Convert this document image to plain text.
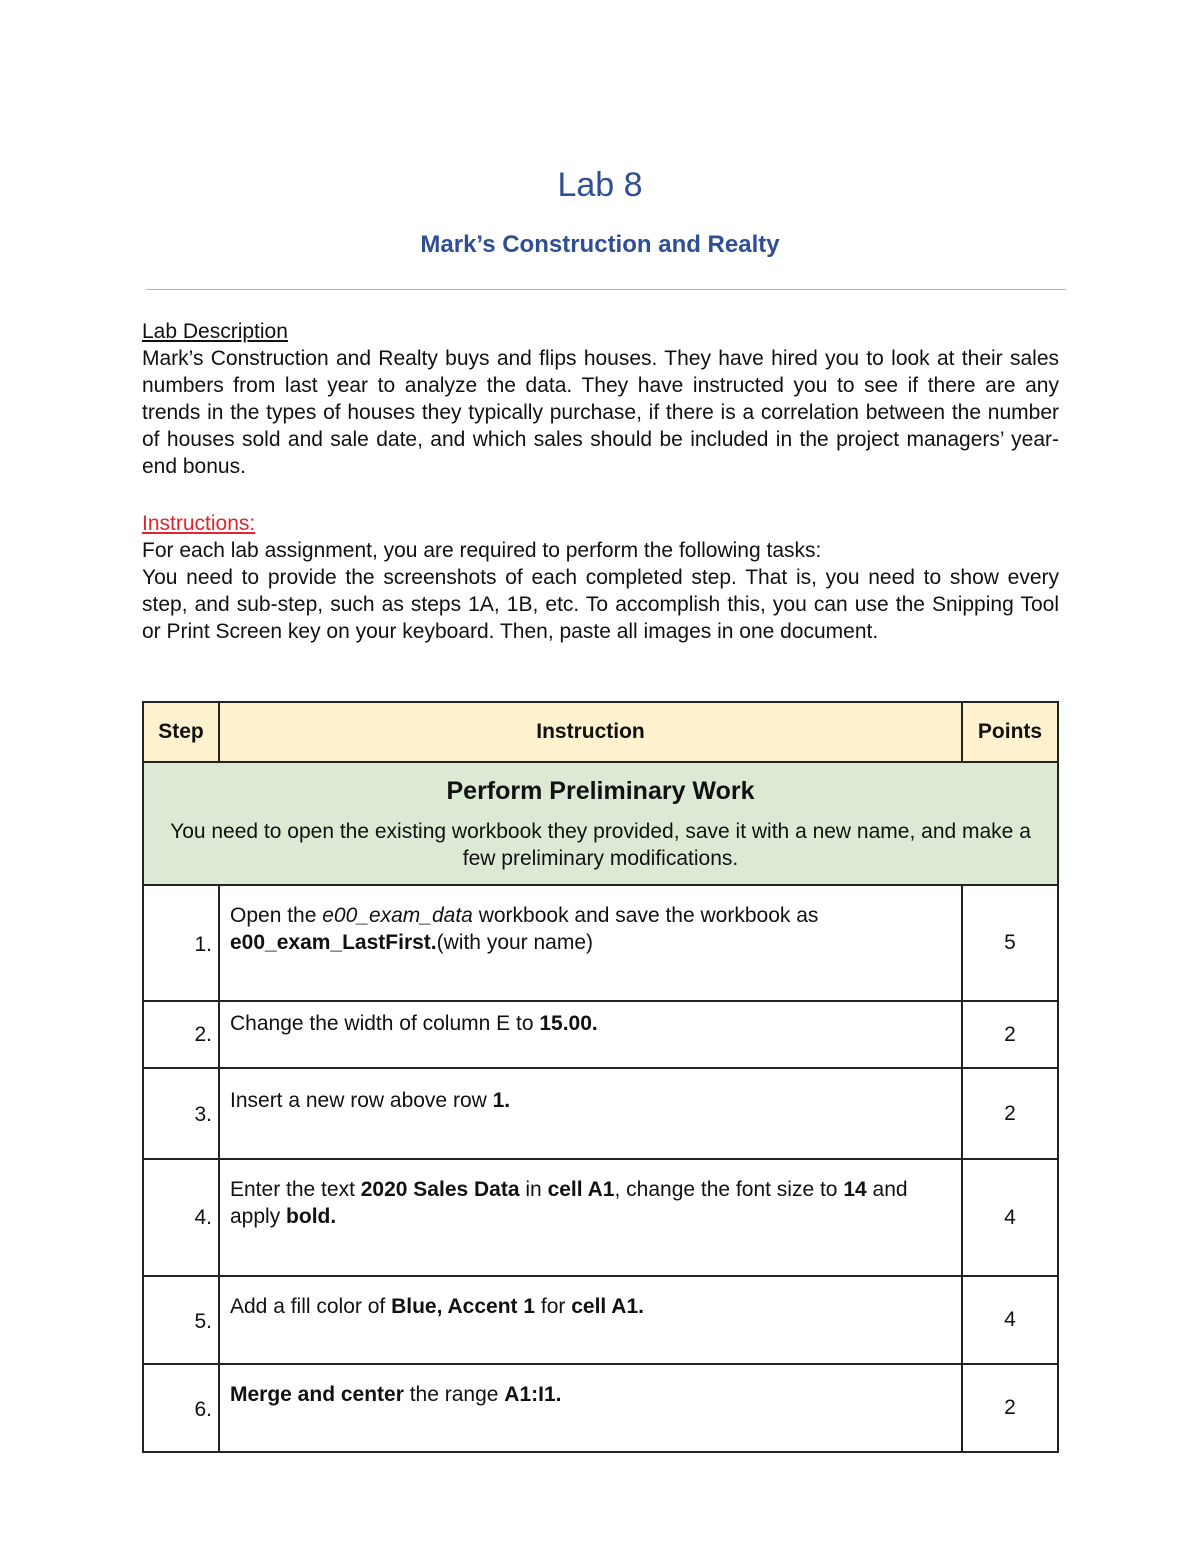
Lab 8
Mark’s Construction and Realty
Lab Description
Mark’s Construction and Realty buys and flips houses. They have hired you to look at their sales numbers from last year to analyze the data. They have instructed you to see if there are any trends in the types of houses they typically purchase, if there is a correlation between the number of houses sold and sale date, and which sales should be included in the project managers’ year-end bonus.
Instructions:
For each lab assignment, you are required to perform the following tasks:
You need to provide the screenshots of each completed step. That is, you need to show every step, and sub-step, such as steps 1A, 1B, etc. To accomplish this, you can use the Snipping Tool or Print Screen key on your keyboard. Then, paste all images in one document.
Step	Instruction	Points

Perform Preliminary Work
You need to open the existing workbook they provided, save it with a new name, and make a few preliminary modifications.		

1.	Open the e00_exam_data workbook and save the workbook as e00_exam_LastFirst.(with your name)	5
2.	Change the width of column E to 15.00.	2
3.	Insert a new row above row 1.	2
4.	Enter the text 2020 Sales Data in cell A1, change the font size to 14 and apply bold.	4
5.	Add a fill color of Blue, Accent 1 for cell A1.	4
6.	Merge and center the range A1:I1.	2
